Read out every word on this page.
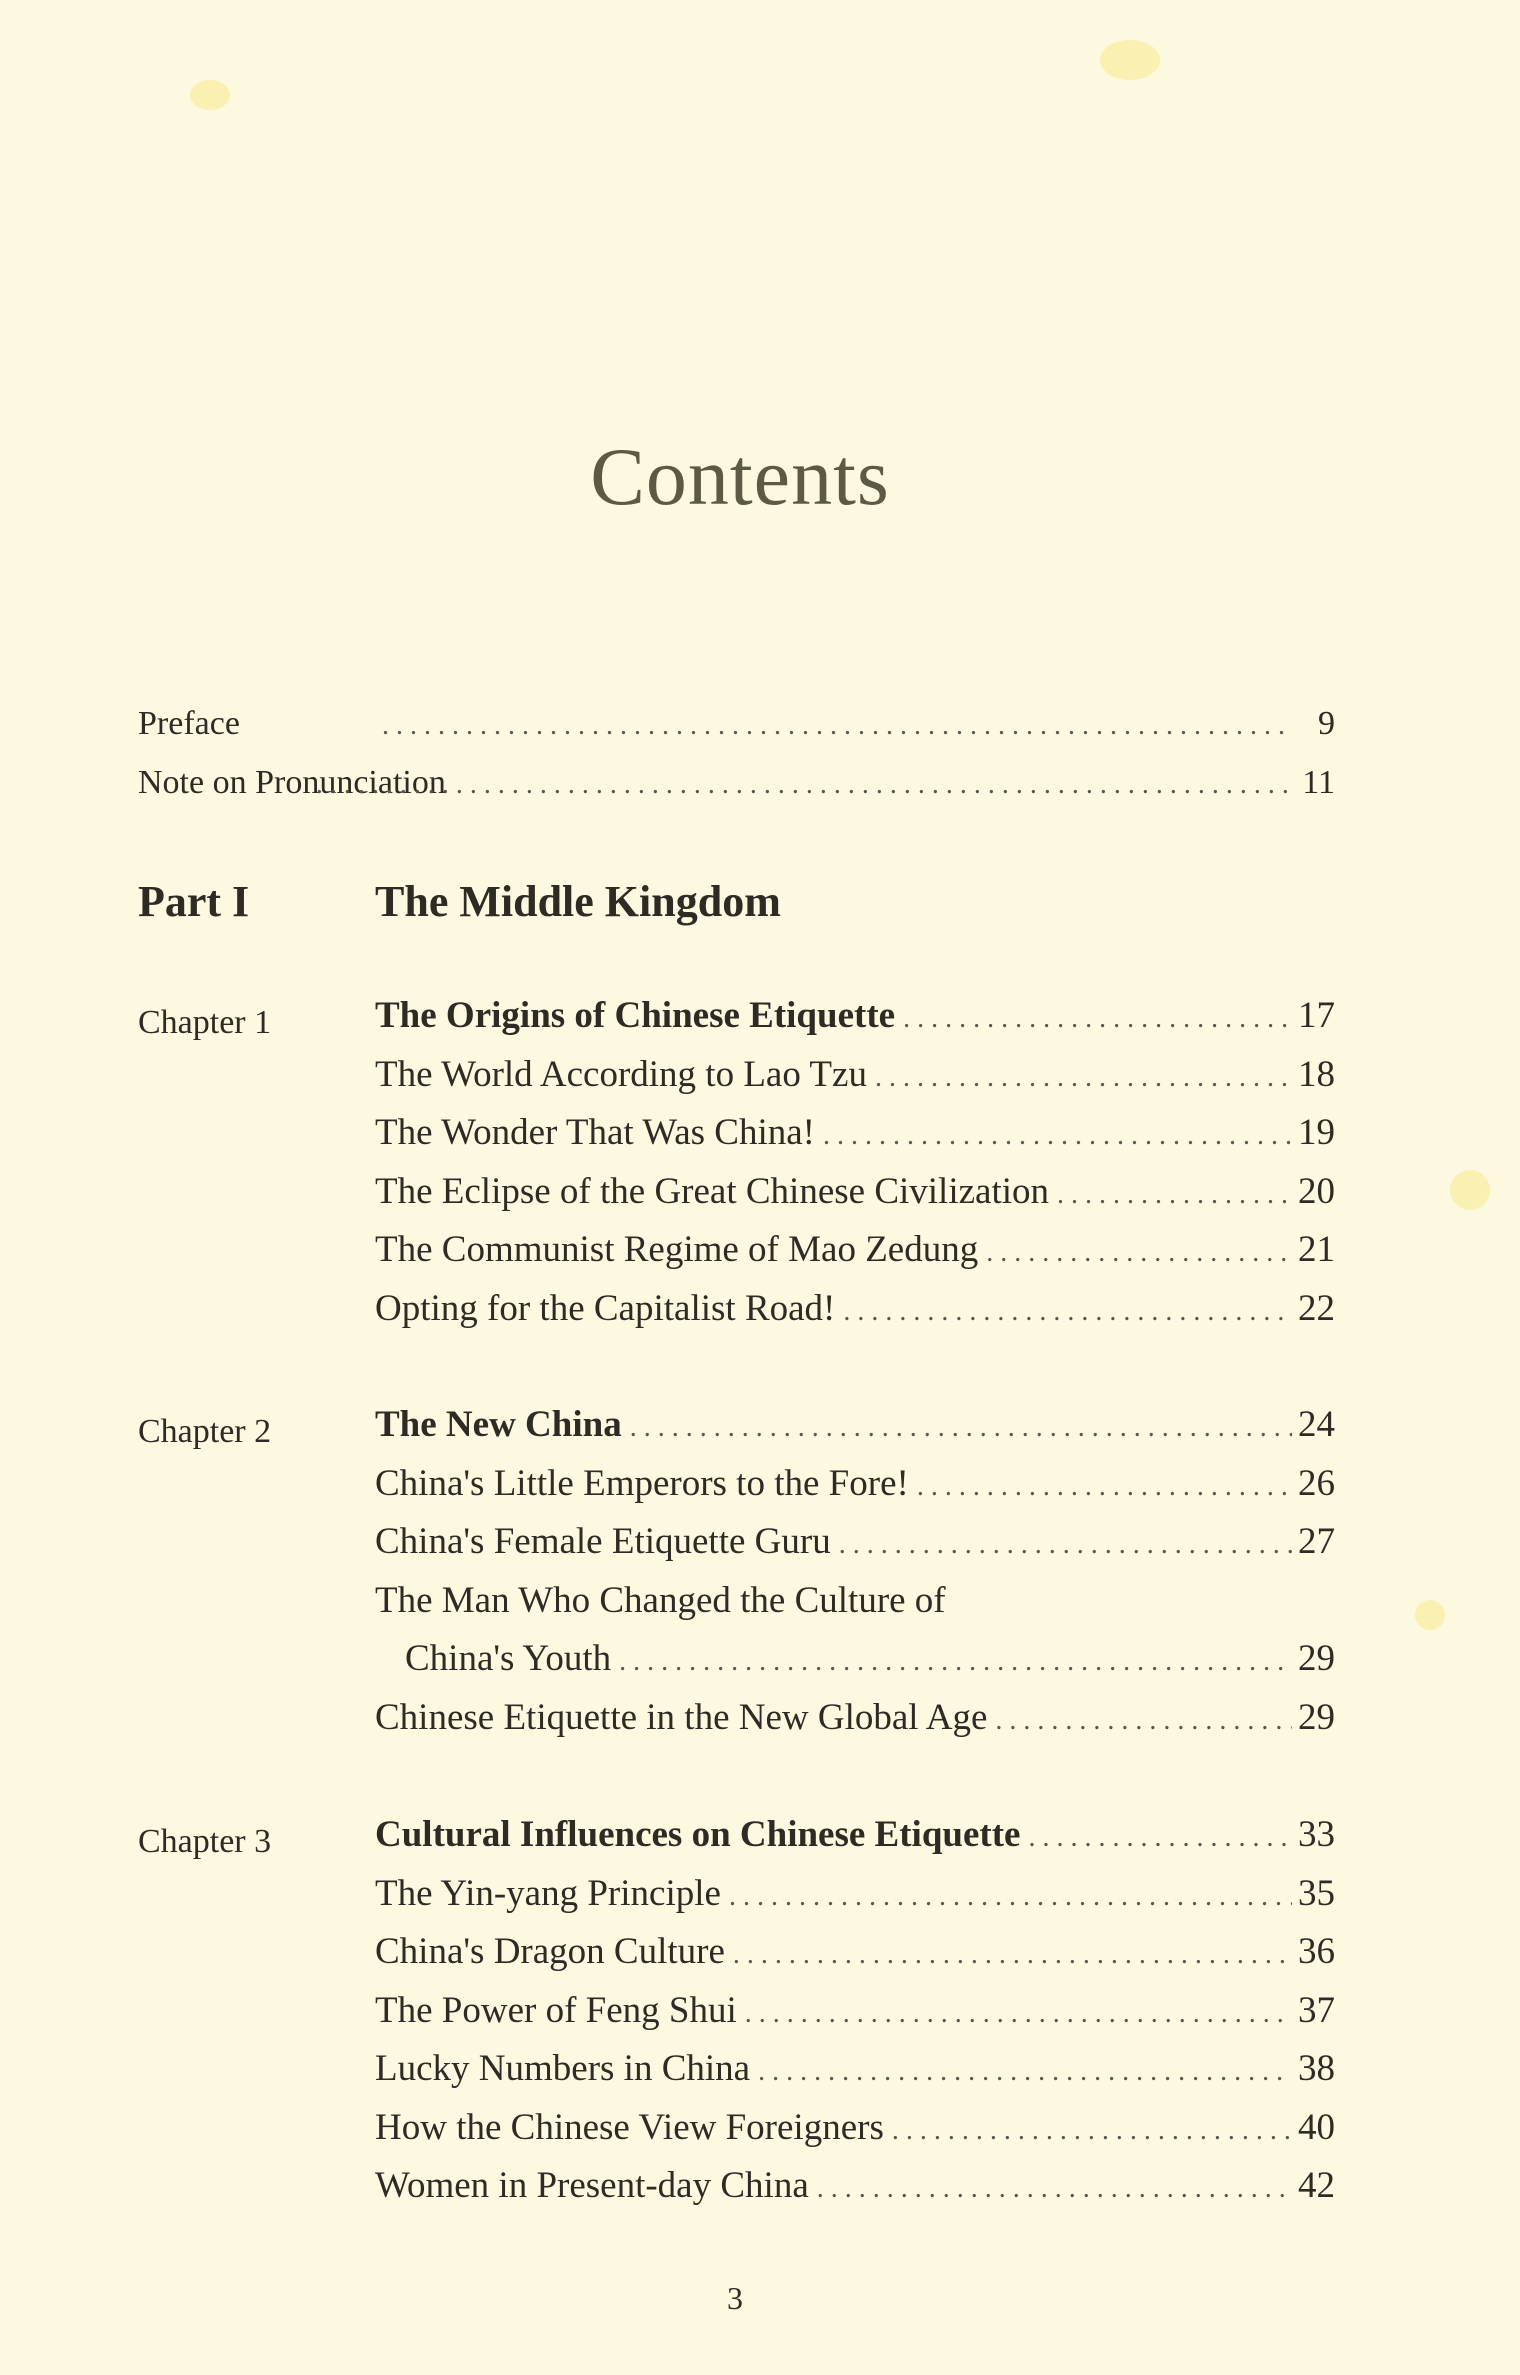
Contents
Preface . . .	9
Note on Pronunciation . . .	11
Part I	The Middle Kingdom
Chapter 1	The Origins of Chinese Etiquette . . .	17
The World According to Lao Tzu . . .	18
The Wonder That Was China! . . .	19
The Eclipse of the Great Chinese Civilization . . .	20
The Communist Regime of Mao Zedung . . .	21
Opting for the Capitalist Road! . . .	22
Chapter 2	The New China . . .	24
China's Little Emperors to the Fore! . . .	26
China's Female Etiquette Guru . . .	27
The Man Who Changed the Culture of
China's Youth . . .	29
Chinese Etiquette in the New Global Age . . .	29
Chapter 3	Cultural Influences on Chinese Etiquette . . .	33
The Yin-yang Principle . . .	35
China's Dragon Culture . . .	36
The Power of Feng Shui . . .	37
Lucky Numbers in China . . .	38
How the Chinese View Foreigners . . .	40
Women in Present-day China . . .	42
3
